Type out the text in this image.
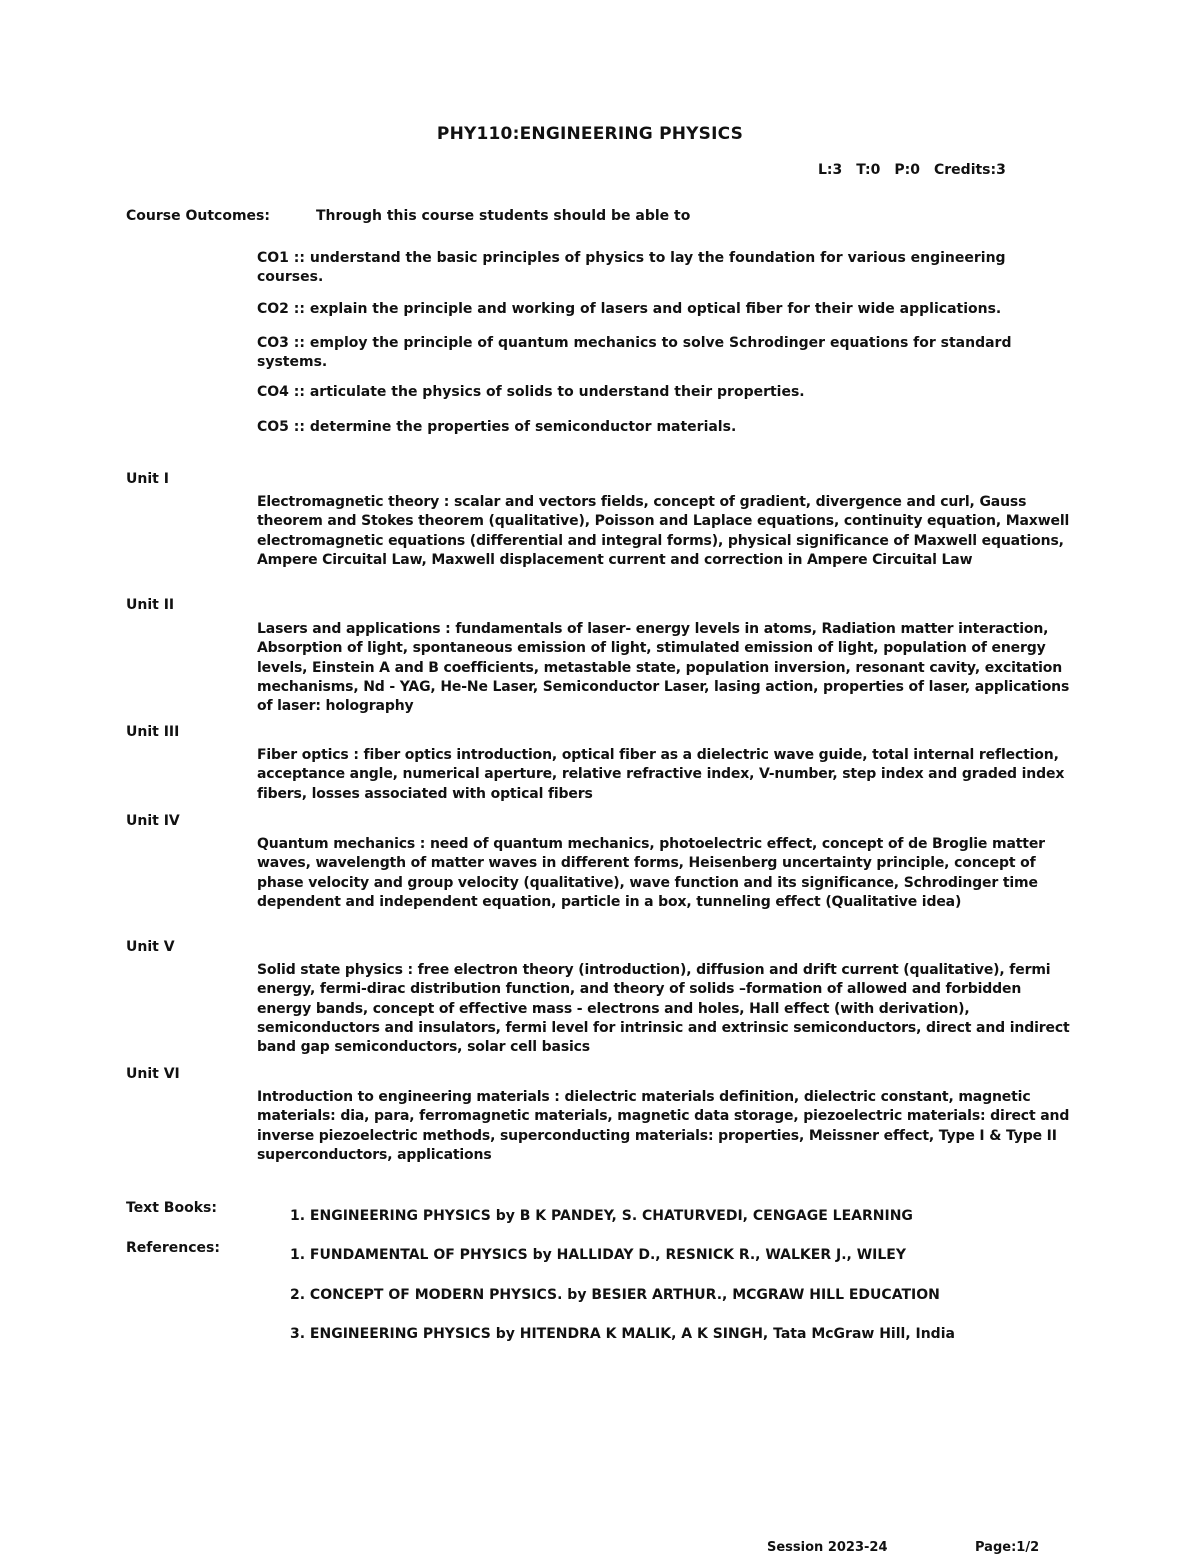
PHY110:ENGINEERING PHYSICS
L:3 T:0 P:0 Credits:3
Course Outcomes:	Through this course students should be able to
CO1 :: understand the basic principles of physics to lay the foundation for various engineering courses.
CO2 :: explain the principle and working of lasers and optical fiber for their wide applications.
CO3 :: employ the principle of quantum mechanics to solve Schrodinger equations for standard systems.
CO4 :: articulate the physics of solids to understand their properties.
CO5 :: determine the properties of semiconductor materials.
Unit I
Electromagnetic theory : scalar and vectors fields, concept of gradient, divergence and curl, Gauss theorem and Stokes theorem (qualitative), Poisson and Laplace equations, continuity equation, Maxwell electromagnetic equations (differential and integral forms), physical significance of Maxwell equations, Ampere Circuital Law, Maxwell displacement current and correction in Ampere Circuital Law
Unit II
Lasers and applications : fundamentals of laser- energy levels in atoms, Radiation matter interaction, Absorption of light, spontaneous emission of light, stimulated emission of light, population of energy levels, Einstein A and B coefficients, metastable state, population inversion, resonant cavity, excitation mechanisms, Nd - YAG, He-Ne Laser, Semiconductor Laser, lasing action, properties of laser, applications of laser: holography
Unit III
Fiber optics : fiber optics introduction, optical fiber as a dielectric wave guide, total internal reflection, acceptance angle, numerical aperture, relative refractive index, V-number, step index and graded index fibers, losses associated with optical fibers
Unit IV
Quantum mechanics : need of quantum mechanics, photoelectric effect, concept of de Broglie matter waves, wavelength of matter waves in different forms, Heisenberg uncertainty principle, concept of phase velocity and group velocity (qualitative), wave function and its significance, Schrodinger time dependent and independent equation, particle in a box, tunneling effect (Qualitative idea)
Unit V
Solid state physics : free electron theory (introduction), diffusion and drift current (qualitative), fermi energy, fermi-dirac distribution function, and theory of solids –formation of allowed and forbidden energy bands, concept of effective mass - electrons and holes, Hall effect (with derivation), semiconductors and insulators, fermi level for intrinsic and extrinsic semiconductors, direct and indirect band gap semiconductors, solar cell basics
Unit VI
Introduction to engineering materials : dielectric materials definition, dielectric constant, magnetic materials: dia, para, ferromagnetic materials, magnetic data storage, piezoelectric materials: direct and inverse piezoelectric methods, superconducting materials: properties, Meissner effect, Type I & Type II superconductors, applications
Text Books:	1. ENGINEERING PHYSICS by B K PANDEY, S. CHATURVEDI, CENGAGE LEARNING
References:	1. FUNDAMENTAL OF PHYSICS by HALLIDAY D., RESNICK R., WALKER J., WILEY
2. CONCEPT OF MODERN PHYSICS. by BESIER ARTHUR., MCGRAW HILL EDUCATION
3. ENGINEERING PHYSICS by HITENDRA K MALIK, A K SINGH, Tata McGraw Hill, India
Session 2023-24	Page:1/2
